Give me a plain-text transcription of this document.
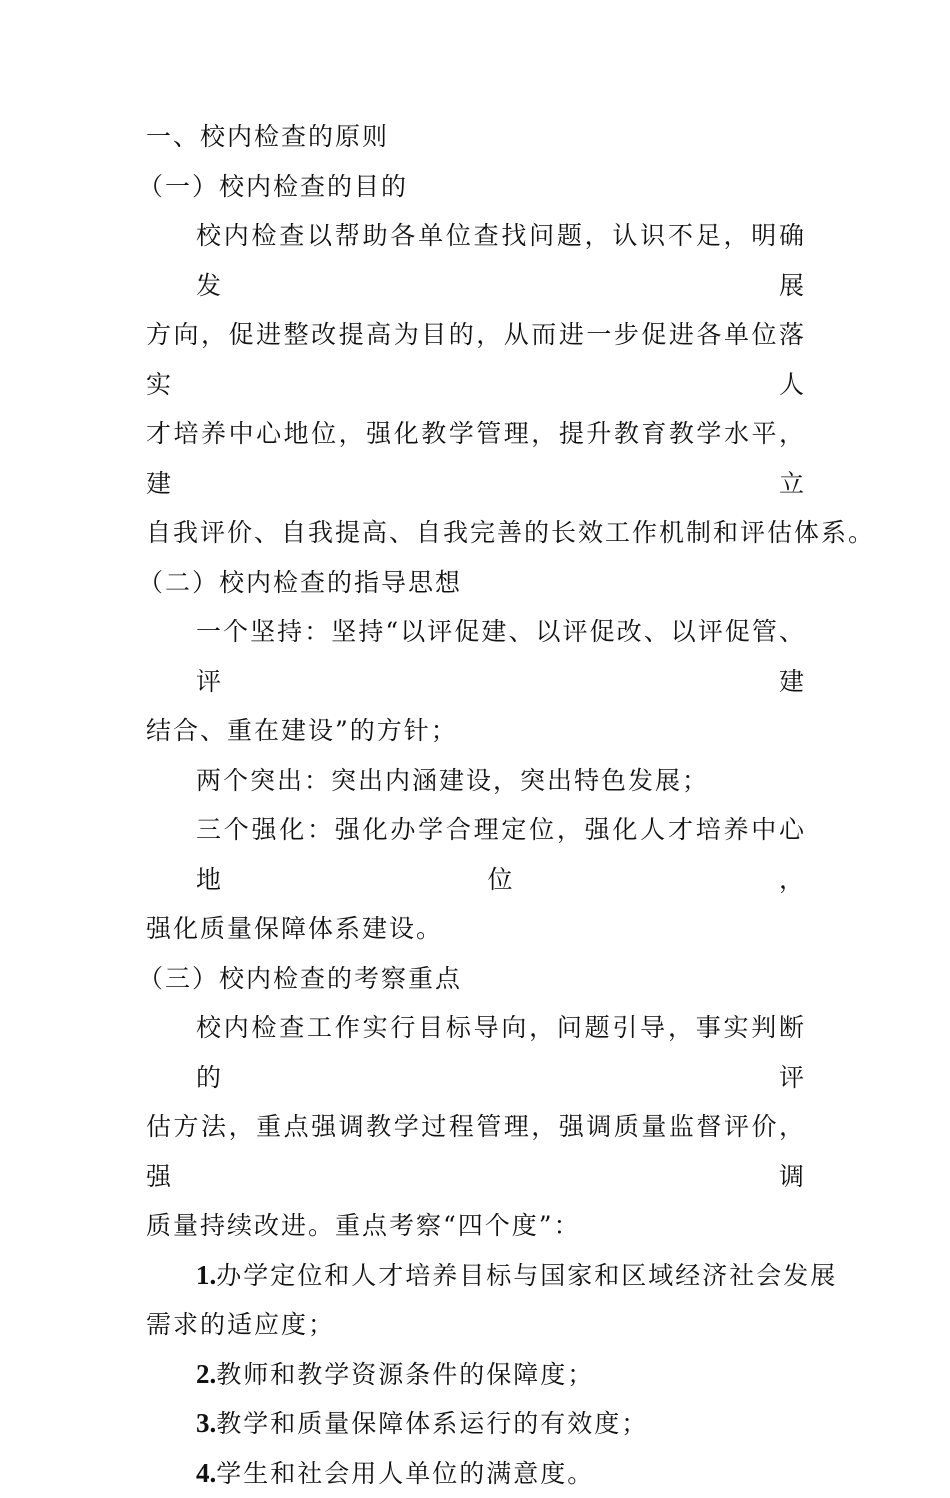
一、校内检查的原则
（一）校内检查的目的
校内检查以帮助各单位查找问题，认识不足，明确发展
方向，促进整改提高为目的，从而进一步促进各单位落实人
才培养中心地位，强化教学管理，提升教育教学水平，建立
自我评价、自我提高、自我完善的长效工作机制和评估体系。
（二）校内检查的指导思想
一个坚持：坚持“以评促建、以评促改、以评促管、评建
结合、重在建设”的方针；
两个突出：突出内涵建设，突出特色发展；
三个强化：强化办学合理定位，强化人才培养中心地位，
强化质量保障体系建设。
（三）校内检查的考察重点
校内检查工作实行目标导向，问题引导，事实判断的评
估方法，重点强调教学过程管理，强调质量监督评价，强调
质量持续改进。重点考察“四个度”：
1.办学定位和人才培养目标与国家和区域经济社会发展
需求的适应度；
2.教师和教学资源条件的保障度；
3.教学和质量保障体系运行的有效度；
4.学生和社会用人单位的满意度。
